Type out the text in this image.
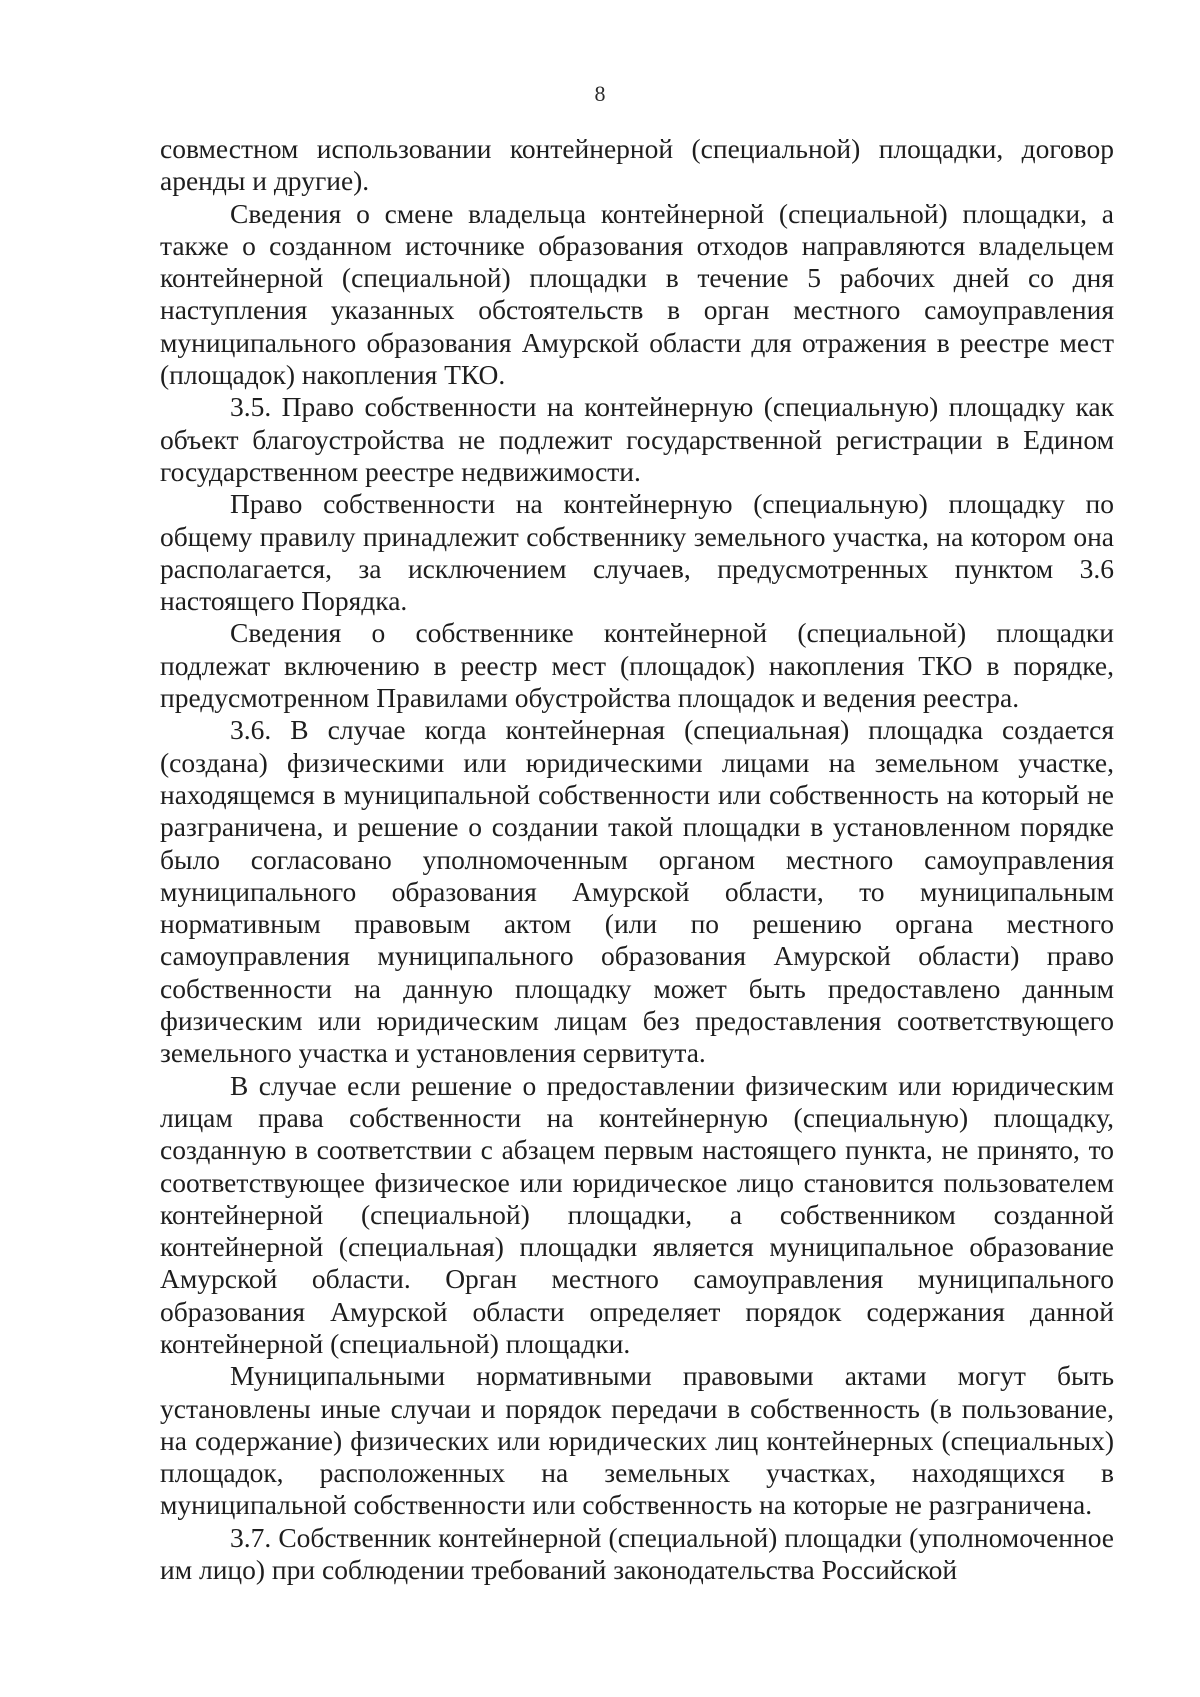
8

совместном использовании контейнерной (специальной) площадки, договор аренды и другие).

Сведения о смене владельца контейнерной (специальной) площадки, а также о созданном источнике образования отходов направляются владельцем контейнерной (специальной) площадки в течение 5 рабочих дней со дня наступления указанных обстоятельств в орган местного самоуправления муниципального образования Амурской области для отражения в реестре мест (площадок) накопления ТКО.

3.5. Право собственности на контейнерную (специальную) площадку как объект благоустройства не подлежит государственной регистрации в Едином государственном реестре недвижимости.

Право собственности на контейнерную (специальную) площадку по общему правилу принадлежит собственнику земельного участка, на котором она располагается, за исключением случаев, предусмотренных пунктом 3.6 настоящего Порядка.

Сведения о собственнике контейнерной (специальной) площадки подлежат включению в реестр мест (площадок) накопления ТКО в порядке, предусмотренном Правилами обустройства площадок и ведения реестра.

3.6. В случае когда контейнерная (специальная) площадка создается (создана) физическими или юридическими лицами на земельном участке, находящемся в муниципальной собственности или собственность на который не разграничена, и решение о создании такой площадки в установленном порядке было согласовано уполномоченным органом местного самоуправления муниципального образования Амурской области, то муниципальным нормативным правовым актом (или по решению органа местного самоуправления муниципального образования Амурской области) право собственности на данную площадку может быть предоставлено данным физическим или юридическим лицам без предоставления соответствующего земельного участка и установления сервитута.

В случае если решение о предоставлении физическим или юридическим лицам права собственности на контейнерную (специальную) площадку, созданную в соответствии с абзацем первым настоящего пункта, не принято, то соответствующее физическое или юридическое лицо становится пользователем контейнерной (специальной) площадки, а собственником созданной контейнерной (специальная) площадки является муниципальное образование Амурской области. Орган местного самоуправления муниципального образования Амурской области определяет порядок содержания данной контейнерной (специальной) площадки.

Муниципальными нормативными правовыми актами могут быть установлены иные случаи и порядок передачи в собственность (в пользование, на содержание) физических или юридических лиц контейнерных (специальных) площадок, расположенных на земельных участках, находящихся в муниципальной собственности или собственность на которые не разграничена.

3.7. Собственник контейнерной (специальной) площадки (уполномоченное им лицо) при соблюдении требований законодательства Российской
